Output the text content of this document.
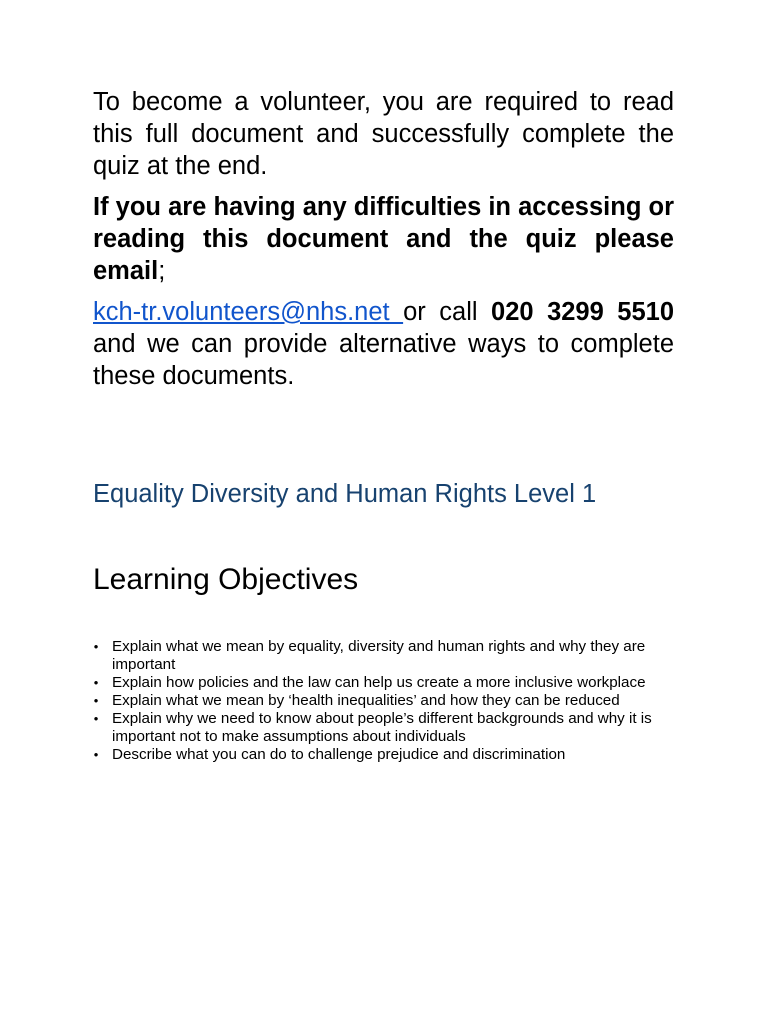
To become a volunteer, you are required to read this full document and successfully complete the quiz at the end.

If you are having any difficulties in accessing or reading this document and the quiz please email;

kch-tr.volunteers@nhs.net or call 020 3299 5510 and we can provide alternative ways to complete these documents.

Equality Diversity and Human Rights Level 1
Learning Objectives
• Explain what we mean by equality, diversity and human rights and why they are important
• Explain how policies and the law can help us create a more inclusive workplace
• Explain what we mean by ‘health inequalities’ and how they can be reduced
• Explain why we need to know about people’s different backgrounds and why it is important not to make assumptions about individuals
• Describe what you can do to challenge prejudice and discrimination
